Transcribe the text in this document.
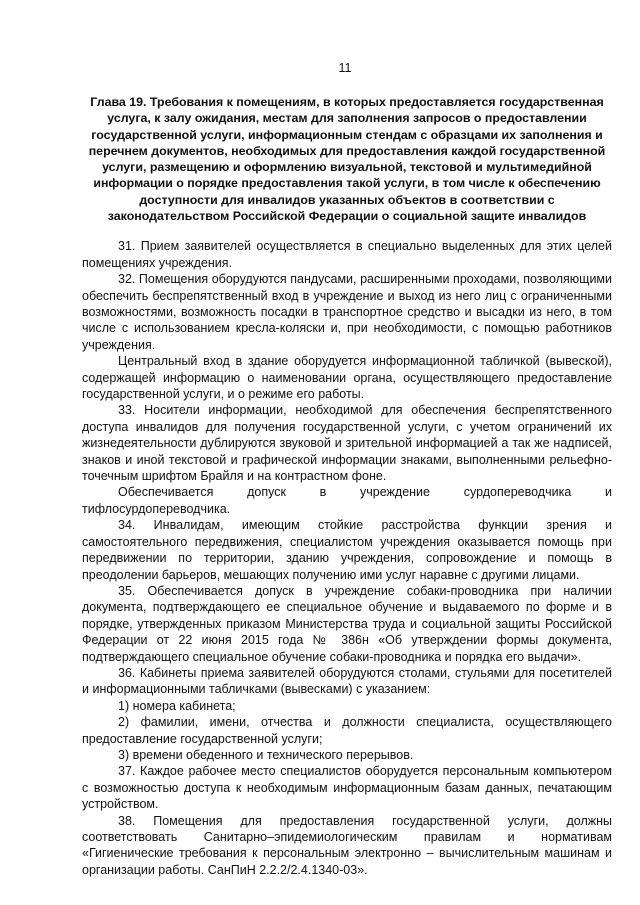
11
Глава 19. Требования к помещениям, в которых предоставляется государственная услуга, к залу ожидания, местам для заполнения запросов о предоставлении государственной услуги, информационным стендам с образцами их заполнения и перечнем документов, необходимых для предоставления каждой государственной услуги, размещению и оформлению визуальной, текстовой и мультимедийной информации о порядке предоставления такой услуги, в том числе к обеспечению доступности для инвалидов указанных объектов в соответствии с законодательством Российской Федерации о социальной защите инвалидов

31. Прием заявителей осуществляется в специально выделенных для этих целей помещениях учреждения.

32. Помещения оборудуются пандусами, расширенными проходами, позволяющими обеспечить беспрепятственный вход в учреждение и выход из него лиц с ограниченными возможностями, возможность посадки в транспортное средство и высадки из него, в том числе с использованием кресла-коляски и, при необходимости, с помощью работников учреждения.

Центральный вход в здание оборудуется информационной табличкой (вывеской), содержащей информацию о наименовании органа, осуществляющего предоставление государственной услуги, и о режиме его работы.

33. Носители информации, необходимой для обеспечения беспрепятственного доступа инвалидов для получения государственной услуги, с учетом ограничений их жизнедеятельности дублируются звуковой и зрительной информацией а так же надписей, знаков и иной текстовой и графической информации знаками, выполненными рельефно-точечным шрифтом Брайля и на контрастном фоне.

Обеспечивается допуск в учреждение сурдопереводчика и тифлосурдопереводчика.

34. Инвалидам, имеющим стойкие расстройства функции зрения и самостоятельного передвижения, специалистом учреждения оказывается помощь при передвижении по территории, зданию учреждения, сопровождение и помощь в преодолении барьеров, мешающих получению ими услуг наравне с другими лицами.

35. Обеспечивается допуск в учреждение собаки-проводника при наличии документа, подтверждающего ее специальное обучение и выдаваемого по форме и в порядке, утвержденных приказом Министерства труда и социальной защиты Российской Федерации от 22 июня 2015 года № 386н «Об утверждении формы документа, подтверждающего специальное обучение собаки-проводника и порядка его выдачи».

36. Кабинеты приема заявителей оборудуются столами, стульями для посетителей и информационными табличками (вывесками) с указанием:

1) номера кабинета;

2) фамилии, имени, отчества и должности специалиста, осуществляющего предоставление государственной услуги;

3) времени обеденного и технического перерывов.

37. Каждое рабочее место специалистов оборудуется персональным компьютером с возможностью доступа к необходимым информационным базам данных, печатающим устройством.

38. Помещения для предоставления государственной услуги, должны соответствовать Санитарно–эпидемиологическим правилам и нормативам «Гигиенические требования к персональным электронно – вычислительным машинам и организации работы. СанПиН 2.2.2/2.4.1340-03».
